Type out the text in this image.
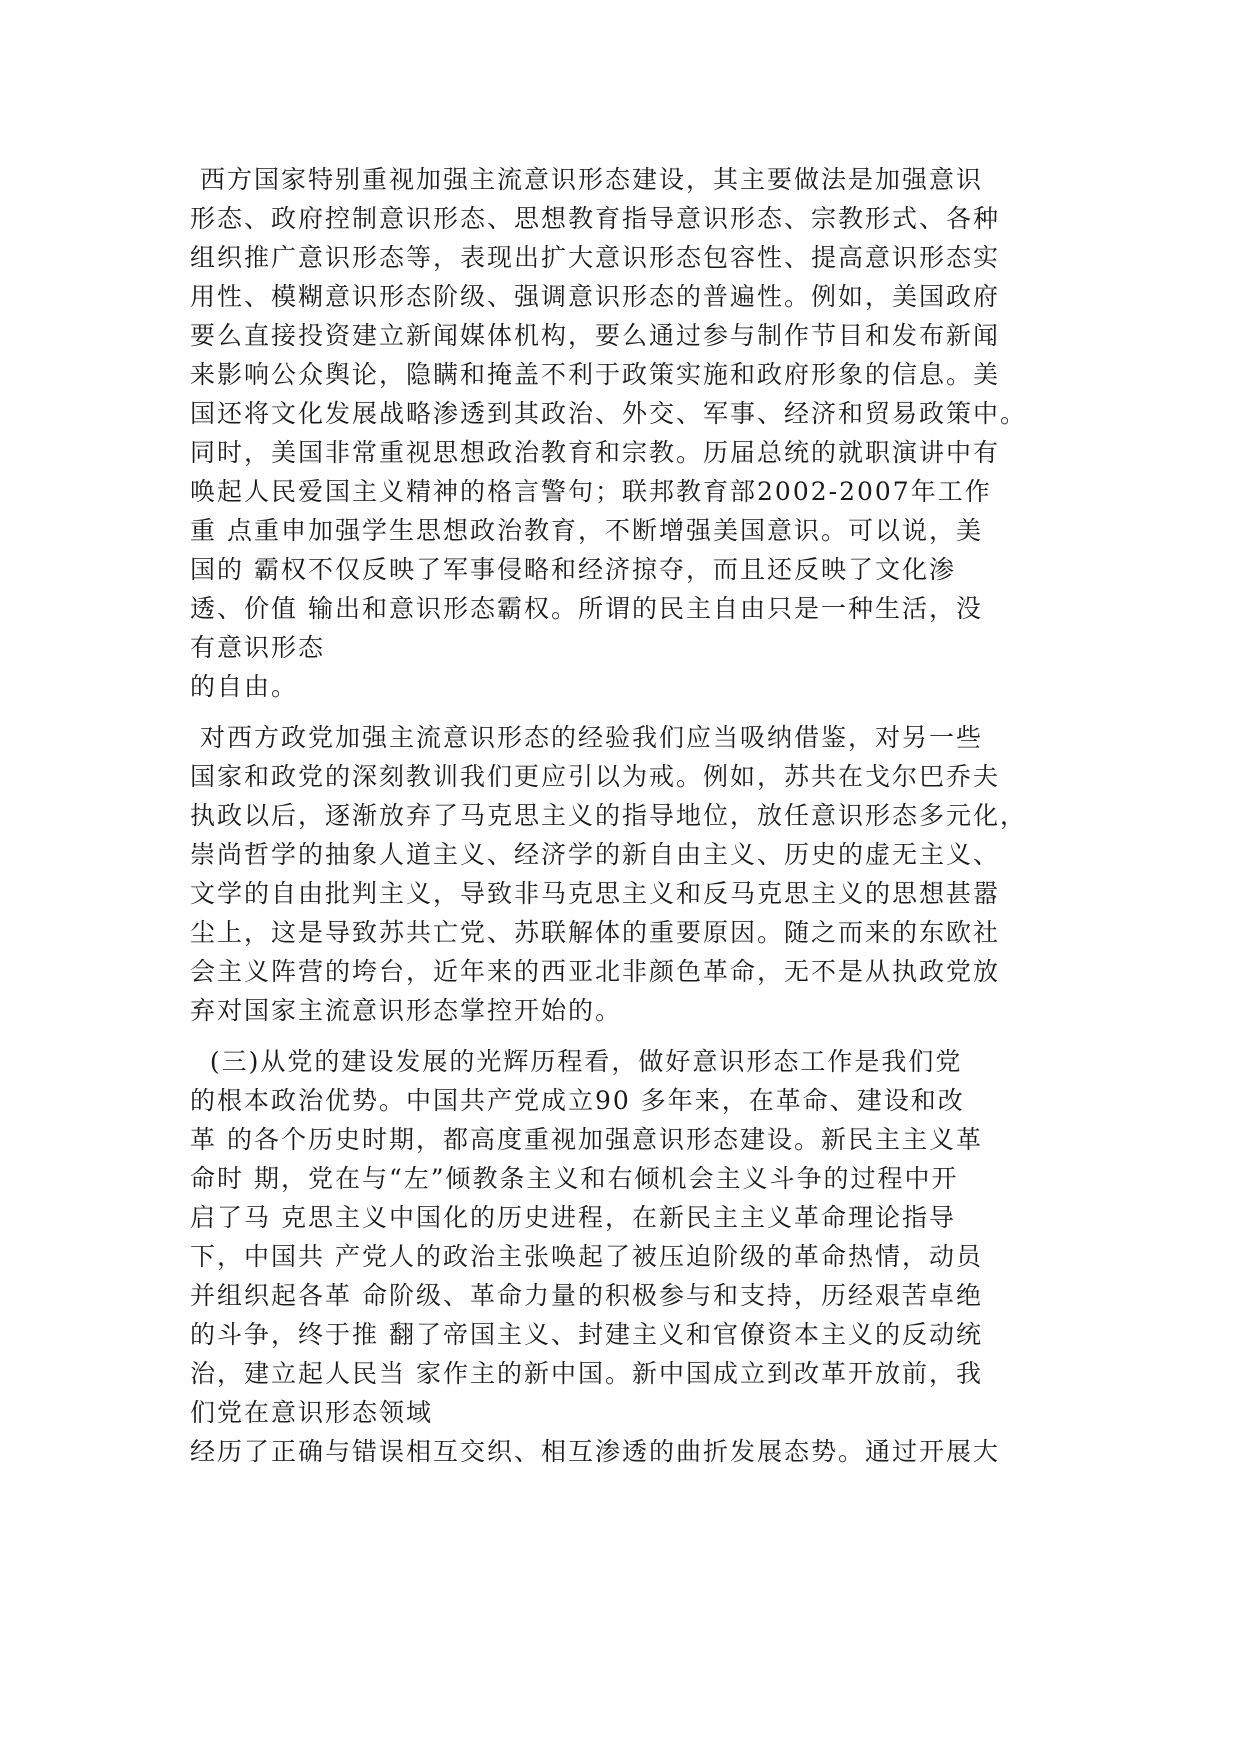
西方国家特别重视加强主流意识形态建设，其主要做法是加强意识
形态、政府控制意识形态、思想教育指导意识形态、宗教形式、各种
组织推广意识形态等，表现出扩大意识形态包容性、提高意识形态实
用性、模糊意识形态阶级、强调意识形态的普遍性。例如，美国政府
要么直接投资建立新闻媒体机构，要么通过参与制作节目和发布新闻
来影响公众舆论，隐瞒和掩盖不利于政策实施和政府形象的信息。美
国还将文化发展战略渗透到其政治、外交、军事、经济和贸易政策中。
同时，美国非常重视思想政治教育和宗教。历届总统的就职演讲中有
唤起人民爱国主义精神的格言警句；联邦教育部2002-2007年工作
重 点重申加强学生思想政治教育，不断增强美国意识。可以说，美
国的 霸权不仅反映了军事侵略和经济掠夺，而且还反映了文化渗
透、价值 输出和意识形态霸权。所谓的民主自由只是一种生活，没
有意识形态
的自由。
对西方政党加强主流意识形态的经验我们应当吸纳借鉴，对另一些
国家和政党的深刻教训我们更应引以为戒。例如，苏共在戈尔巴乔夫
执政以后，逐渐放弃了马克思主义的指导地位，放任意识形态多元化，
崇尚哲学的抽象人道主义、经济学的新自由主义、历史的虚无主义、
文学的自由批判主义，导致非马克思主义和反马克思主义的思想甚嚣
尘上，这是导致苏共亡党、苏联解体的重要原因。随之而来的东欧社
会主义阵营的垮台，近年来的西亚北非颜色革命，无不是从执政党放
弃对国家主流意识形态掌控开始的。
(三)从党的建设发展的光辉历程看，做好意识形态工作是我们党
的根本政治优势。中国共产党成立90 多年来，在革命、建设和改
革 的各个历史时期，都高度重视加强意识形态建设。新民主主义革
命时 期，党在与“左”倾教条主义和右倾机会主义斗争的过程中开
启了马 克思主义中国化的历史进程，在新民主主义革命理论指导
下，中国共 产党人的政治主张唤起了被压迫阶级的革命热情，动员
并组织起各革 命阶级、革命力量的积极参与和支持，历经艰苦卓绝
的斗争，终于推 翻了帝国主义、封建主义和官僚资本主义的反动统
治，建立起人民当 家作主的新中国。新中国成立到改革开放前，我
们党在意识形态领域
经历了正确与错误相互交织、相互渗透的曲折发展态势。通过开展大
